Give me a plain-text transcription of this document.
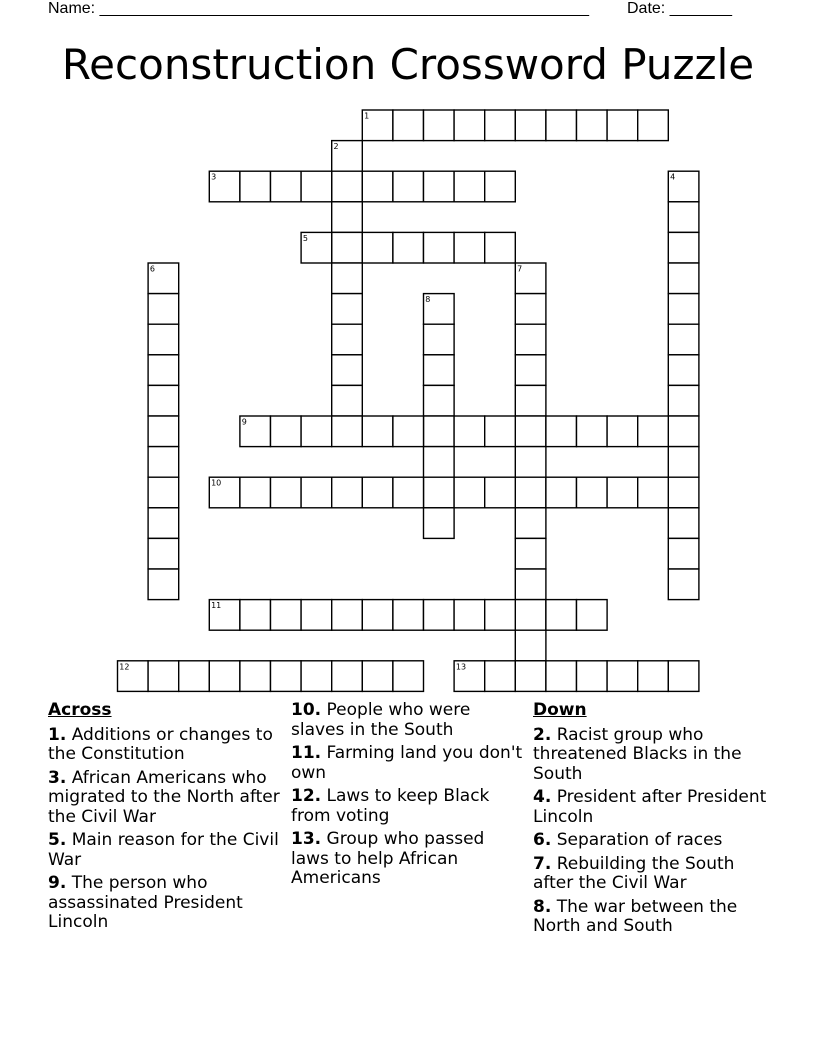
Name: _______________________________________________________ Date: _______
Reconstruction Crossword Puzzle
1
2
3	4
5
6	7
8
9
10
11
12	13
Across
1. Additions or changes to the Constitution
3. African Americans who migrated to the North after the Civil War
5. Main reason for the Civil War
9. The person who assassinated President Lincoln
10. People who were slaves in the South
11. Farming land you don't own
12. Laws to keep Black from voting
13. Group who passed laws to help African Americans
Down
2. Racist group who threatened Blacks in the South
4. President after President Lincoln
6. Separation of races
7. Rebuilding the South after the Civil War
8. The war between the North and South
